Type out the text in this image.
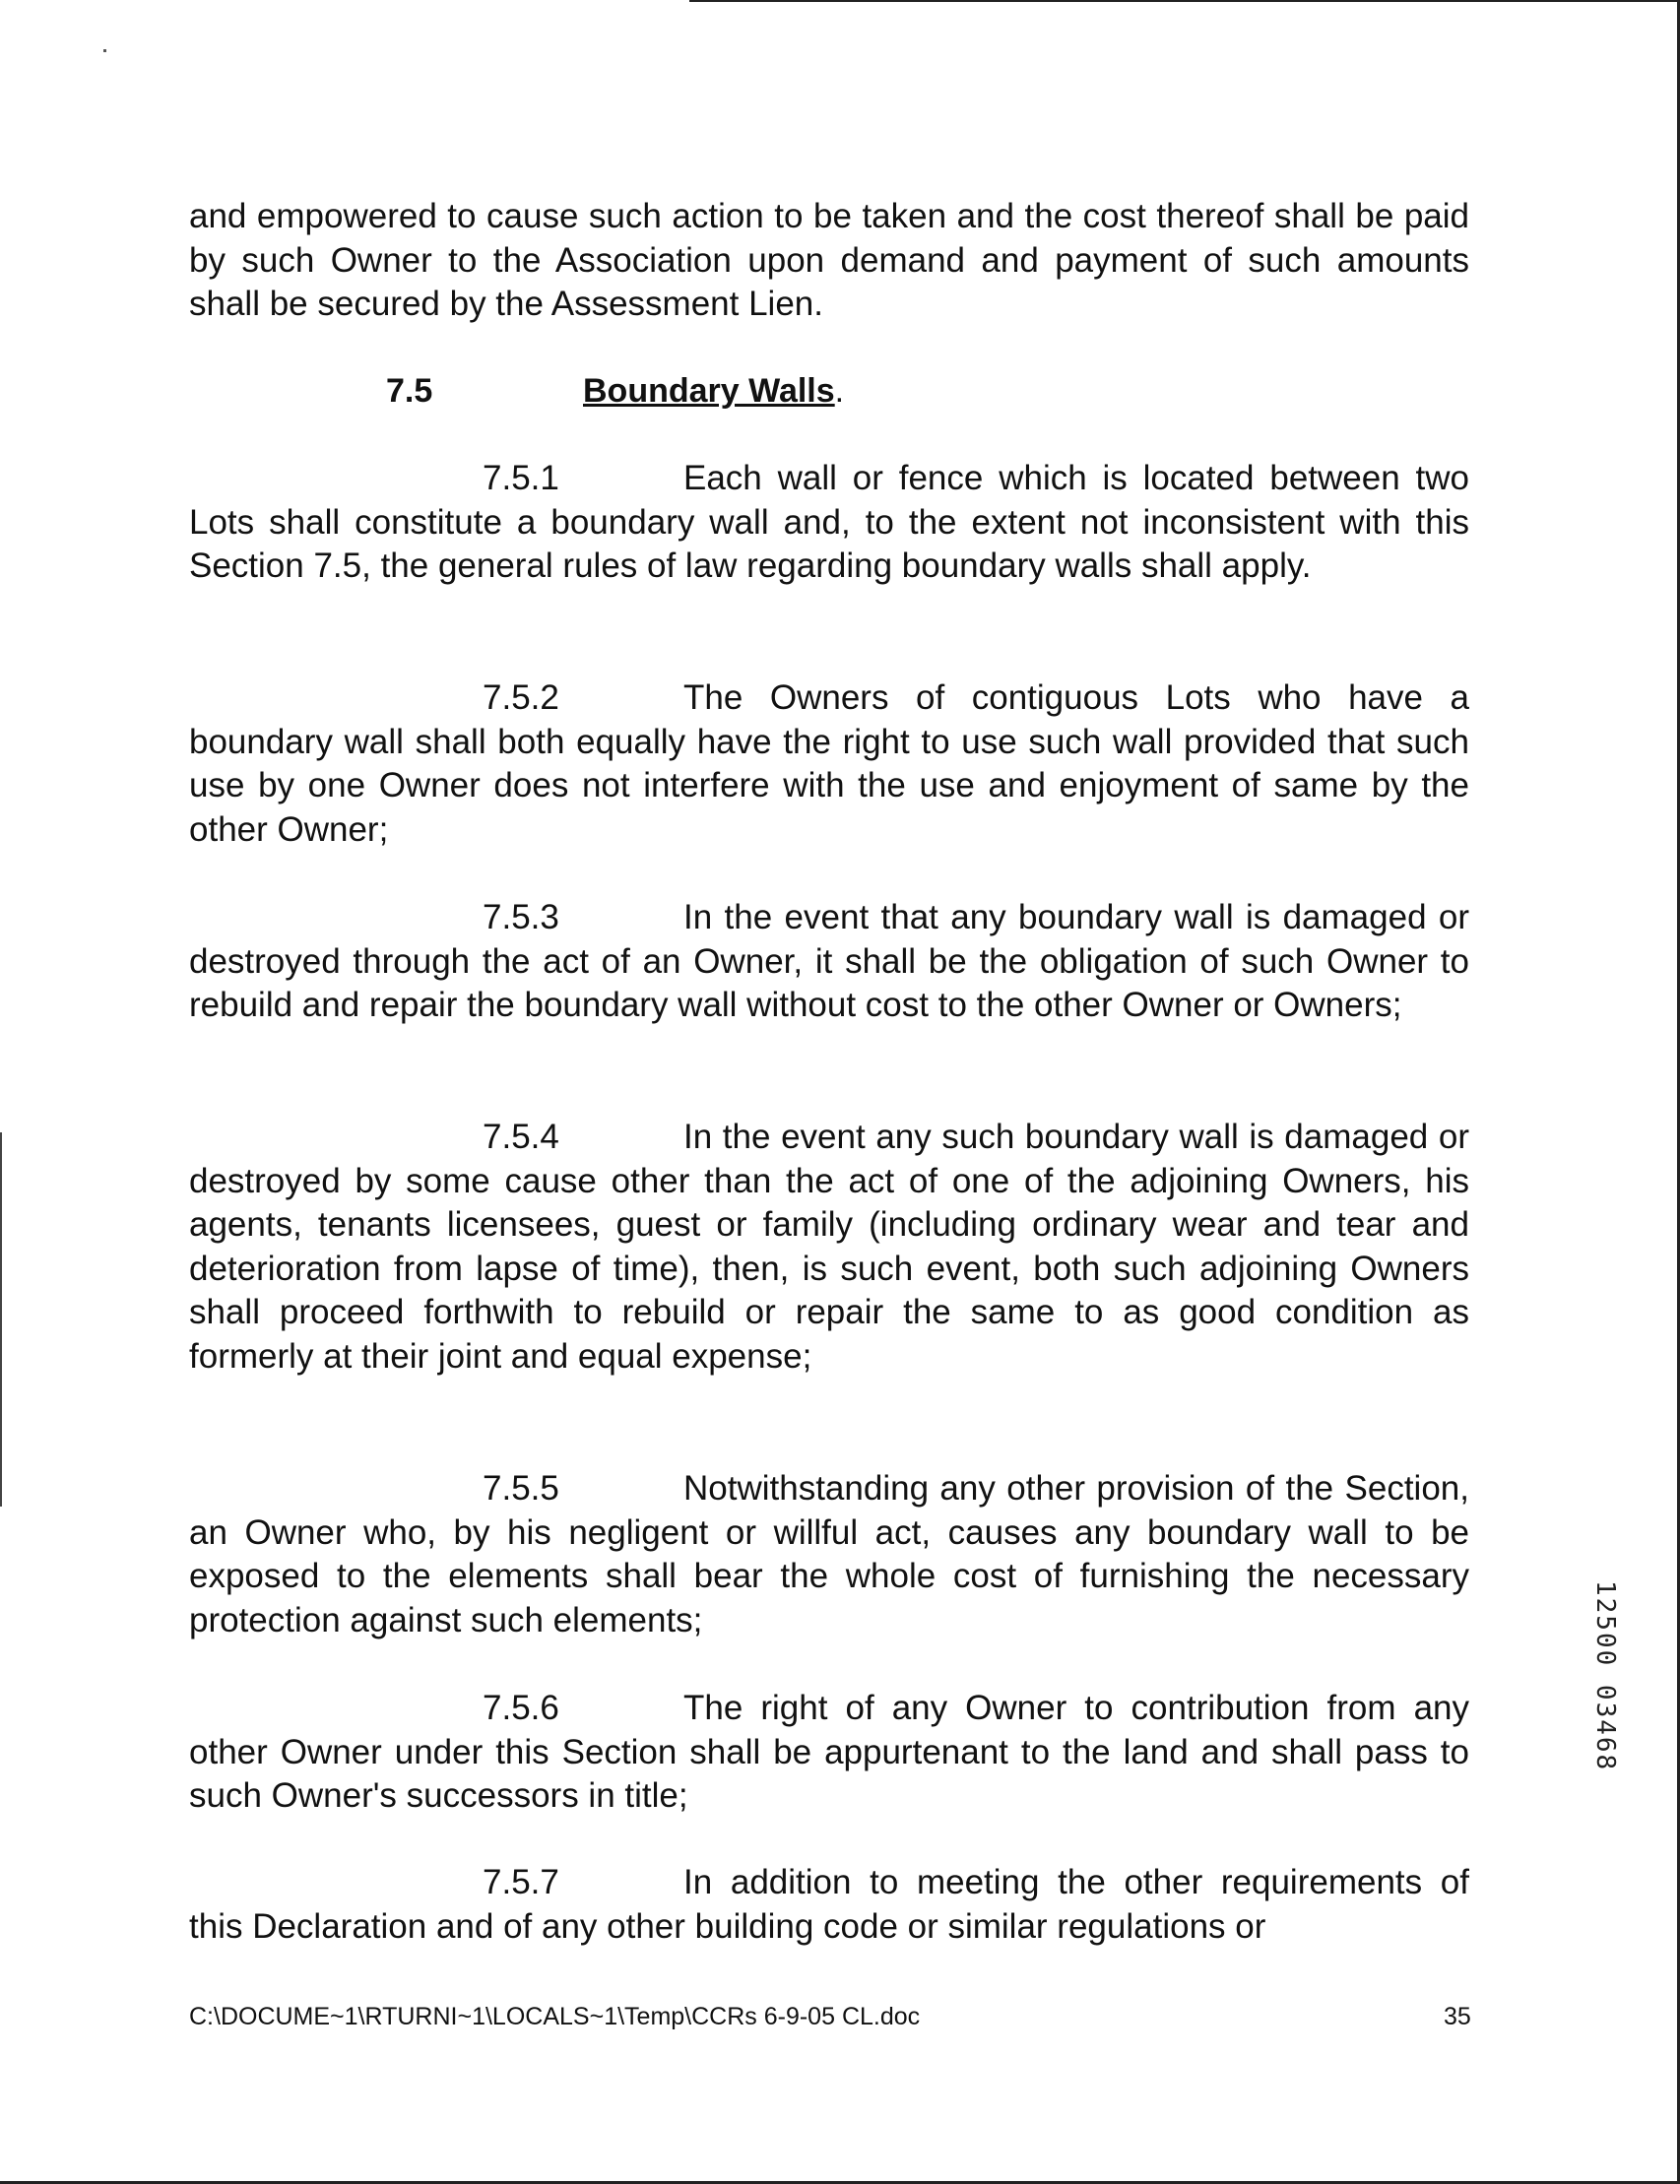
and empowered to cause such action to be taken and the cost thereof shall be paid by such Owner to the Association upon demand and payment of such amounts shall be secured by the Assessment Lien.

7.5	Boundary Walls.

7.5.1	Each wall or fence which is located between two Lots shall constitute a boundary wall and, to the extent not inconsistent with this Section 7.5, the general rules of law regarding boundary walls shall apply.

7.5.2	The Owners of contiguous Lots who have a boundary wall shall both equally have the right to use such wall provided that such use by one Owner does not interfere with the use and enjoyment of same by the other Owner;

7.5.3	In the event that any boundary wall is damaged or destroyed through the act of an Owner, it shall be the obligation of such Owner to rebuild and repair the boundary wall without cost to the other Owner or Owners;

7.5.4	In the event any such boundary wall is damaged or destroyed by some cause other than the act of one of the adjoining Owners, his agents, tenants licensees, guest or family (including ordinary wear and tear and deterioration from lapse of time), then, is such event, both such adjoining Owners shall proceed forthwith to rebuild or repair the same to as good condition as formerly at their joint and equal expense;

7.5.5	Notwithstanding any other provision of the Section, an Owner who, by his negligent or willful act, causes any boundary wall to be exposed to the elements shall bear the whole cost of furnishing the necessary protection against such elements;

7.5.6	The right of any Owner to contribution from any other Owner under this Section shall be appurtenant to the land and shall pass to such Owner's successors in title;

7.5.7	In addition to meeting the other requirements of this Declaration and of any other building code or similar regulations or

12500 03468
C:\DOCUME~1\RTURNI~1\LOCALS~1\Temp\CCRs 6-9-05 CL.doc	35
